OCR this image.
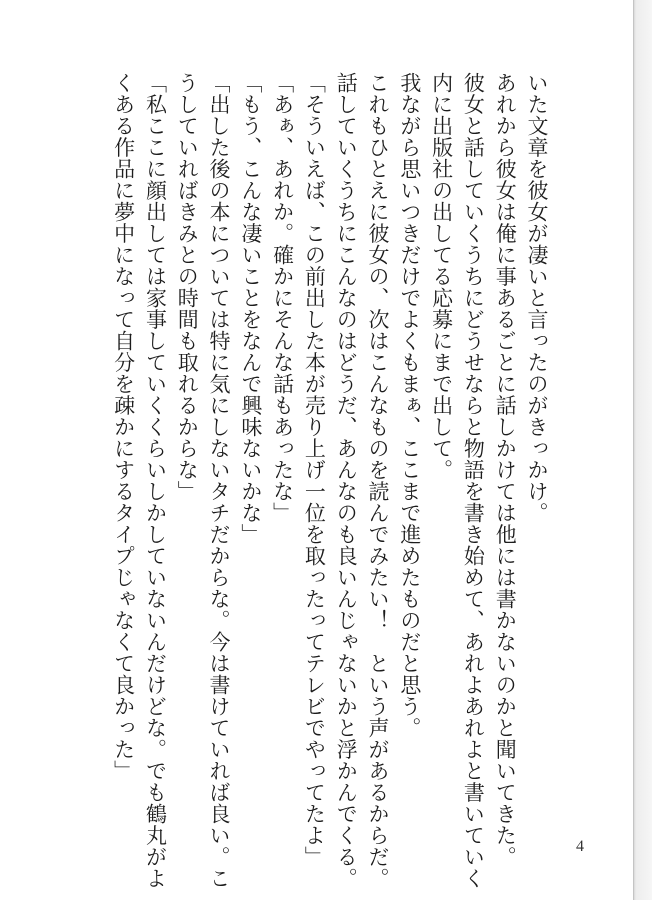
いた文章を彼女が凄いと言ったのがきっかけ。

あれから彼女は俺に事あるごとに話しかけては他には書かないのかと聞いてきた。

彼女と話していくうちにどうせならと物語を書き始めて、あれよあれよと書いていく

内に出版社の出してる応募にまで出して。

我ながら思いつきだけでよくもまぁ、ここまで進めたものだと思う。

これもひとえに彼女の、次はこんなものを読んでみたい！　という声があるからだ。

話していくうちにこんなのはどうだ、あんなのも良いんじゃないかと浮かんでくる。

「そういえば、この前出した本が売り上げ一位を取ったってテレビでやってたよ」

「あぁ、あれか。確かにそんな話もあったな」

「もう、こんな凄いことをなんで興味ないかな」

「出した後の本については特に気にしないタチだからな。今は書けていれば良い。こ

うしていればきみとの時間も取れるからな」

「私ここに顔出しては家事していくくらいしかしていないんだけどな。でも鶴丸がよ

くある作品に夢中になって自分を疎かにするタイプじゃなくて良かった」

4
